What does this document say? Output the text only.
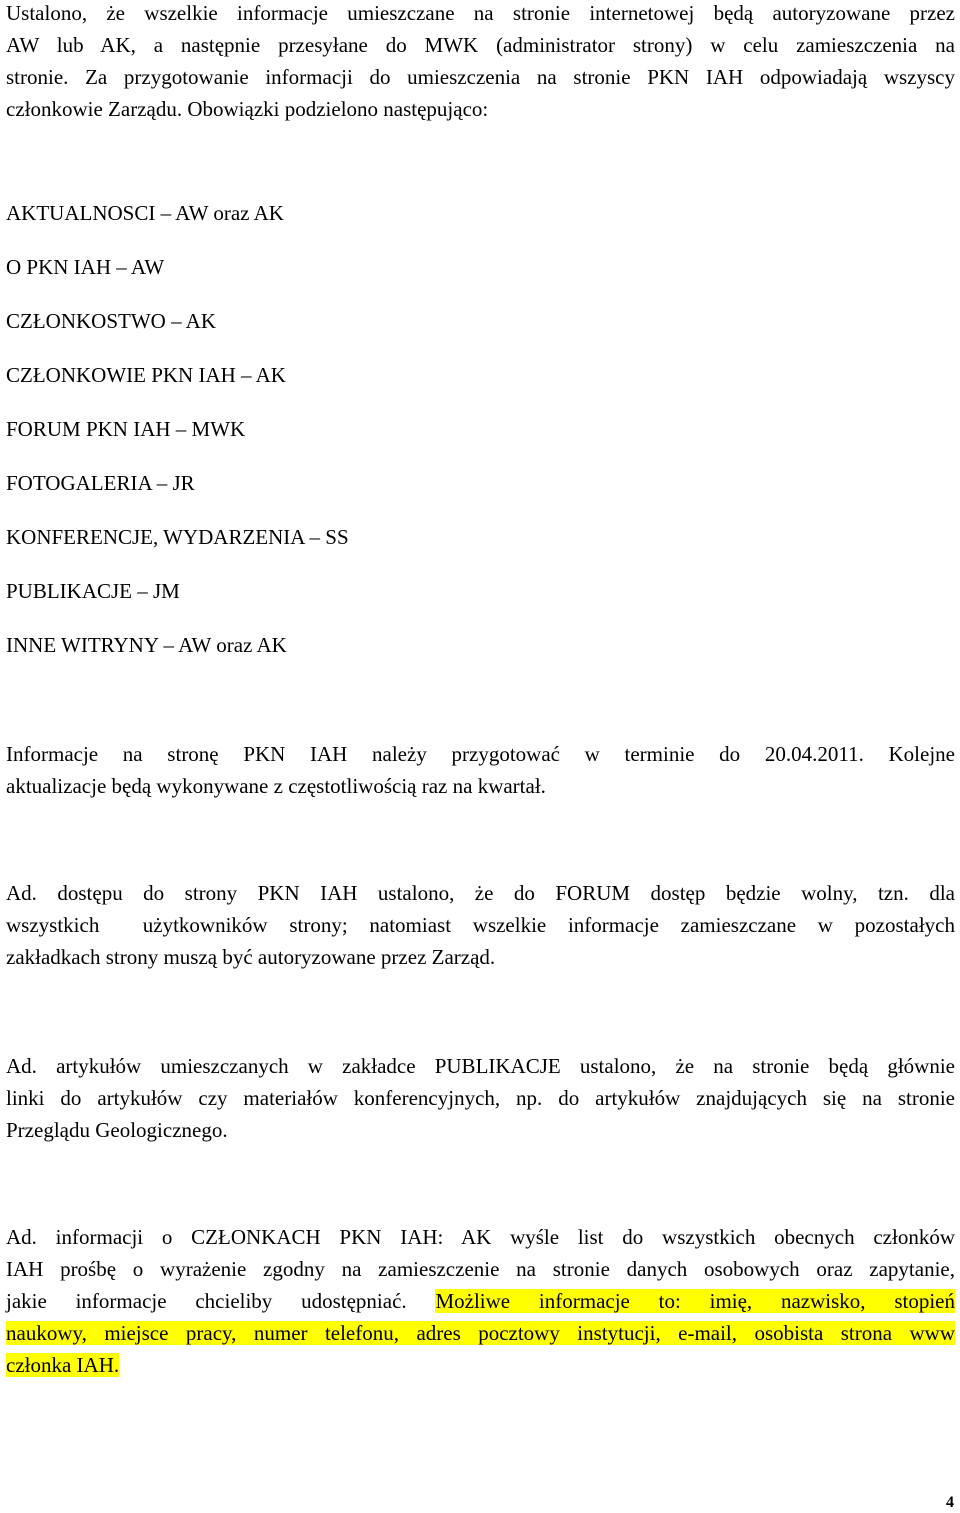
Ustalono, że wszelkie informacje umieszczane na stronie internetowej będą autoryzowane przez

AW lub AK, a następnie przesyłane do MWK (administrator strony) w celu zamieszczenia na

stronie. Za przygotowanie informacji do umieszczenia na stronie PKN IAH odpowiadają wszyscy

członkowie Zarządu. Obowiązki podzielono następująco:

AKTUALNOSCI – AW oraz AK
O PKN IAH – AW
CZŁONKOSTWO – AK
CZŁONKOWIE PKN IAH – AK
FORUM PKN IAH – MWK
FOTOGALERIA – JR
KONFERENCJE, WYDARZENIA – SS
PUBLIKACJE – JM
INNE WITRYNY – AW oraz AK

Informacje na stronę PKN IAH należy przygotować w terminie do 20.04.2011. Kolejne

aktualizacje będą wykonywane z częstotliwością raz na kwartał.

Ad. dostępu do strony PKN IAH ustalono, że do FORUM dostęp będzie wolny, tzn. dla

wszystkich  użytkowników strony; natomiast wszelkie informacje zamieszczane w pozostałych

zakładkach strony muszą być autoryzowane przez Zarząd.

Ad. artykułów umieszczanych w zakładce PUBLIKACJE ustalono, że na stronie będą głównie

linki do artykułów czy materiałów konferencyjnych, np. do artykułów znajdujących się na stronie

Przeglądu Geologicznego.

Ad. informacji o CZŁONKACH PKN IAH: AK wyśle list do wszystkich obecnych członków

IAH prośbę o wyrażenie zgodny na zamieszczenie na stronie danych osobowych oraz zapytanie,

jakie informacje chcieliby udostępniać. Możliwe informacje to: imię, nazwisko, stopień

naukowy, miejsce pracy, numer telefonu, adres pocztowy instytucji, e-mail, osobista strona www

członka IAH.

4
